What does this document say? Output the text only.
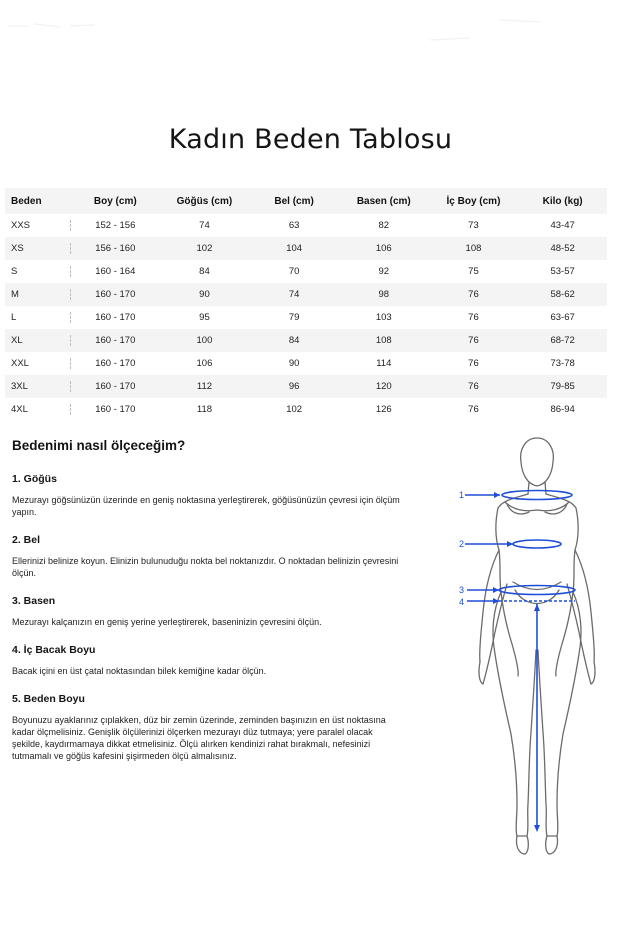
Kadın Beden Tablosu
Beden	Boy (cm)	Göğüs (cm)	Bel (cm)	Basen (cm)	İç Boy (cm)	Kilo (kg)
XXS	152 - 156	74	63	82	73	43-47
XS	156 - 160	102	104	106	108	48-52
S	160 - 164	84	70	92	75	53-57
M	160 - 170	90	74	98	76	58-62
L	160 - 170	95	79	103	76	63-67
XL	160 - 170	100	84	108	76	68-72
XXL	160 - 170	106	90	114	76	73-78
3XL	160 - 170	112	96	120	76	79-85
4XL	160 - 170	118	102	126	76	86-94
Bedenimi nasıl ölçeceğim?
1. Göğüs

Mezurayı göğsünüzün üzerinde en geniş noktasına yerleştirerek, göğüsünüzün çevresi için ölçüm yapın.

2. Bel

Ellerinizi belinize koyun. Elinizin bulunuduğu nokta bel noktanızdır. O noktadan belinizin çevresini ölçün.

3. Basen

Mezurayı kalçanızın en geniş yerine yerleştirerek, baseninizin çevresini ölçün.

4. İç Bacak Boyu

Bacak içini en üst çatal noktasından bilek kemiğine kadar ölçün.

5. Beden Boyu

Boyunuzu ayaklarınız çıplakken, düz bir zemin üzerinde, zeminden başınızın en üst noktasına kadar ölçmelisiniz. Genişlik ölçülerinizi ölçerken mezurayı düz tutmaya; yere paralel olacak şekilde, kaydırmamaya dikkat etmelisiniz. Ölçü alırken kendinizi rahat bırakmalı, nefesinizi tutmamalı ve göğüs kafesini şişirmeden ölçü almalısınız.

1
2
3
4
